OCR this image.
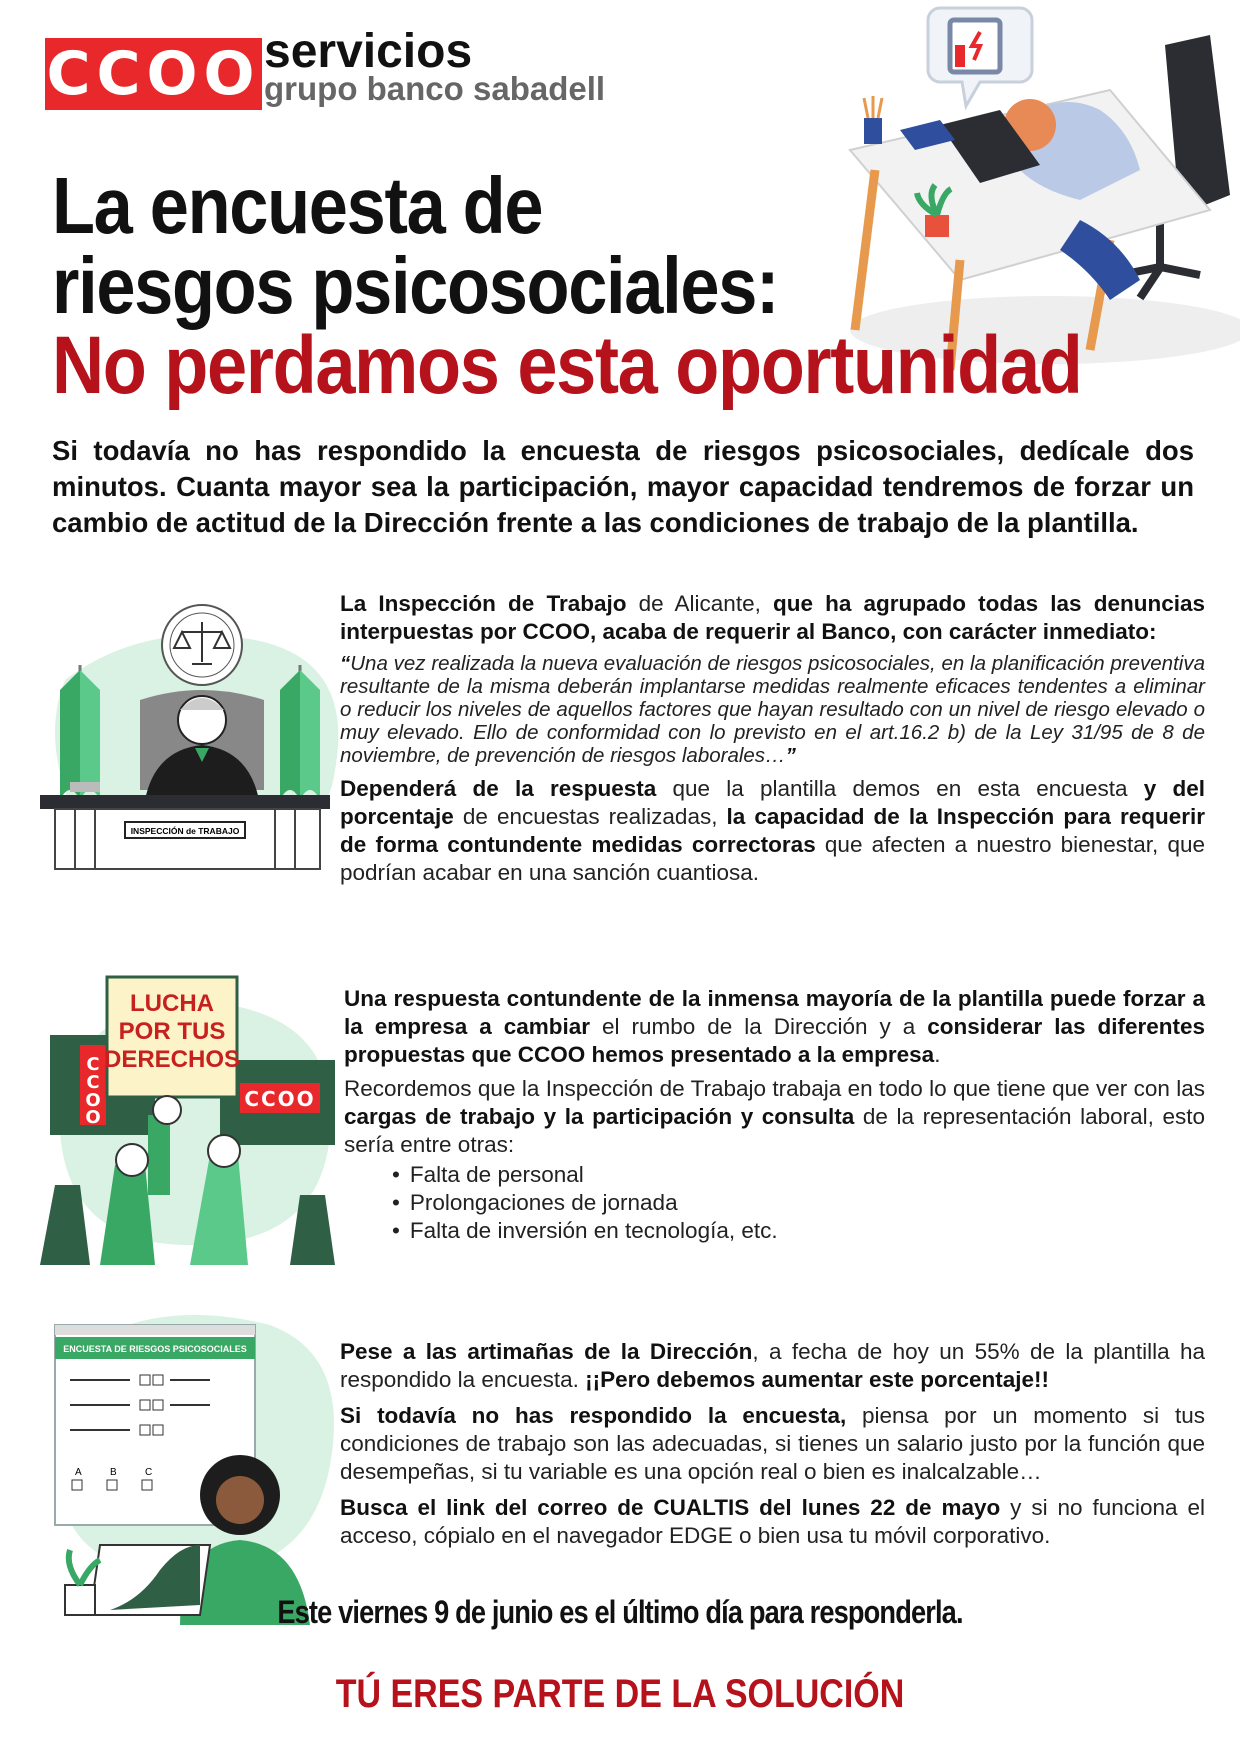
CCOO servicios
grupo banco sabadell
La encuesta de
riesgos psicosociales:
No perdamos esta oportunidad
Si todavía no has respondido la encuesta de riesgos psicosociales, dedícale dos minutos. Cuanta mayor sea la participación, mayor capacidad tendremos de forzar un cambio de actitud de la Dirección frente a las condiciones de trabajo de la plantilla.
INSPECCIÓN de TRABAJO
La Inspección de Trabajo de Alicante, que ha agrupado todas las denuncias interpuestas por CCOO, acaba de requerir al Banco, con carácter inmediato:
“Una vez realizada la nueva evaluación de riesgos psicosociales, en la planificación preventiva resultante de la misma deberán implantarse medidas realmente eficaces tendentes a eliminar o reducir los niveles de aquellos factores que hayan resultado con un nivel de riesgo elevado o muy elevado. Ello de conformidad con lo previsto en el art.16.2 b) de la Ley 31/95 de 8 de noviembre, de prevención de riesgos laborales…”
Dependerá de la respuesta que la plantilla demos en esta encuesta y del porcentaje de encuestas realizadas, la capacidad de la Inspección para requerir de forma contundente medidas correctoras que afecten a nuestro bienestar, que podrían acabar en una sanción cuantiosa.
C
C
O
O
CCOO
LUCHA
POR TUS
DERECHOS
Una respuesta contundente de la inmensa mayoría de la plantilla puede forzar a la empresa a cambiar el rumbo de la Dirección y a considerar las diferentes propuestas que CCOO hemos presentado a la empresa.
Recordemos que la Inspección de Trabajo trabaja en todo lo que tiene que ver con las cargas de trabajo y la participación y consulta de la representación laboral, esto sería entre otras:
• Falta de personal
• Prolongaciones de jornada
• Falta de inversión en tecnología, etc.
ENCUESTA DE RIESGOS PSICOSOCIALES
A	B	C
Pese a las artimañas de la Dirección, a fecha de hoy un 55% de la plantilla ha respondido la encuesta. ¡¡Pero debemos aumentar este porcentaje!!
Si todavía no has respondido la encuesta, piensa por un momento si tus condiciones de trabajo son las adecuadas, si tienes un salario justo por la función que desempeñas, si tu variable es una opción real o bien es inalcalzable…
Busca el link del correo de CUALTIS del lunes 22 de mayo y si no funciona el acceso, cópialo en el navegador EDGE o bien usa tu móvil corporativo.
Este viernes 9 de junio es el último día para responderla.
TÚ ERES PARTE DE LA SOLUCIÓN
